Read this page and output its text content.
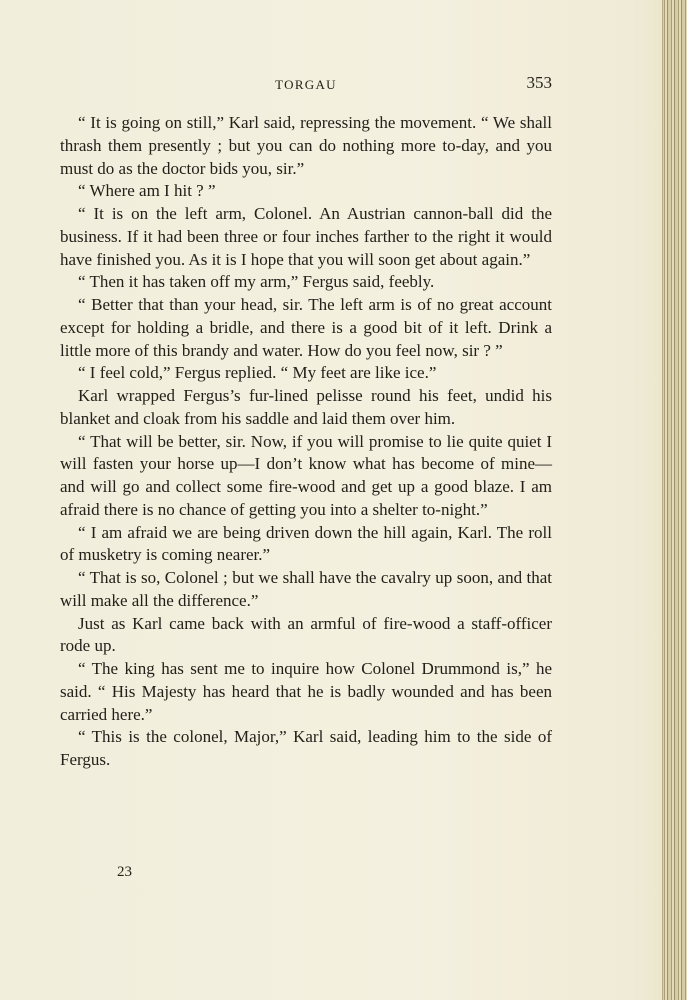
TORGAU	353

“ It is going on still,” Karl said, repressing the movement. “ We shall thrash them presently ; but you can do nothing more to-day, and you must do as the doctor bids you, sir.”

“ Where am I hit ? ”

“ It is on the left arm, Colonel. An Austrian cannon-ball did the business. If it had been three or four inches farther to the right it would have finished you. As it is I hope that you will soon get about again.”

“ Then it has taken off my arm,” Fergus said, feebly.

“ Better that than your head, sir. The left arm is of no great account except for holding a bridle, and there is a good bit of it left. Drink a little more of this brandy and water. How do you feel now, sir ? ”

“ I feel cold,” Fergus replied. “ My feet are like ice.”

Karl wrapped Fergus’s fur-lined pelisse round his feet, undid his blanket and cloak from his saddle and laid them over him.

“ That will be better, sir. Now, if you will promise to lie quite quiet I will fasten your horse up—I don’t know what has become of mine—and will go and collect some fire-wood and get up a good blaze. I am afraid there is no chance of getting you into a shelter to-night.”

“ I am afraid we are being driven down the hill again, Karl. The roll of musketry is coming nearer.”

“ That is so, Colonel ; but we shall have the cavalry up soon, and that will make all the difference.”

Just as Karl came back with an armful of fire-wood a staff-officer rode up.

“ The king has sent me to inquire how Colonel Drummond is,” he said. “ His Majesty has heard that he is badly wounded and has been carried here.”

“ This is the colonel, Major,” Karl said, leading him to the side of Fergus.

23
